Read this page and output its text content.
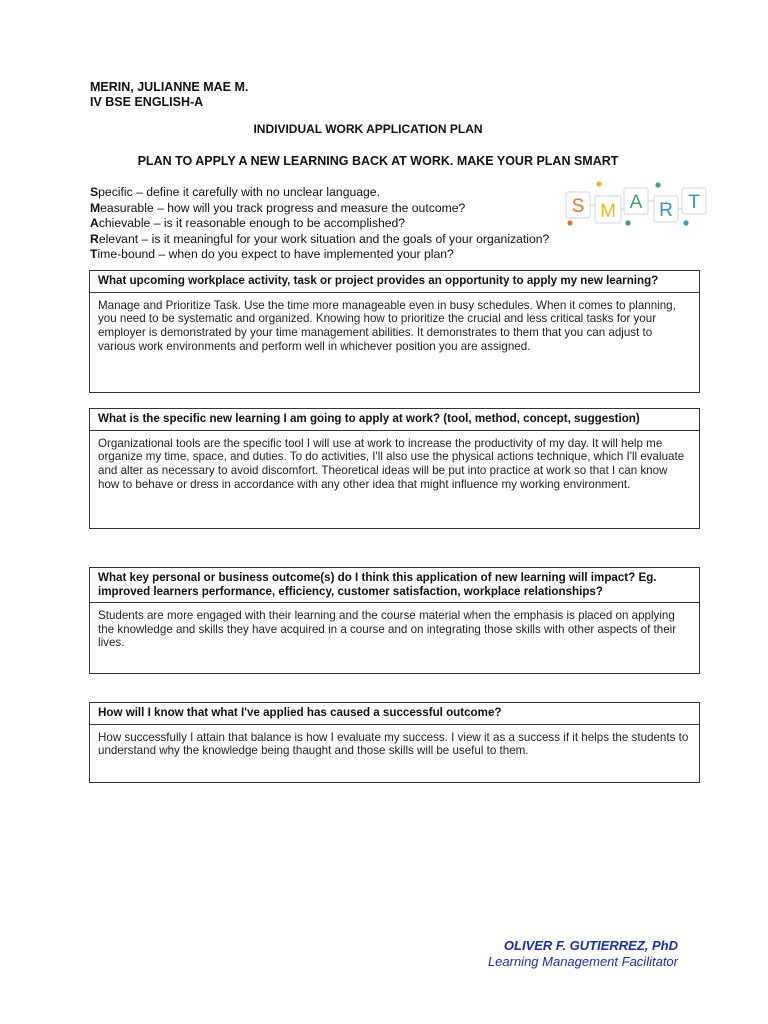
MERIN, JULIANNE MAE M.
IV BSE ENGLISH-A
INDIVIDUAL WORK APPLICATION PLAN
PLAN TO APPLY A NEW LEARNING BACK AT WORK. MAKE YOUR PLAN SMART
Specific – define it carefully with no unclear language.
Measurable – how will you track progress and measure the outcome?
Achievable – is it reasonable enough to be accomplished?
Relevant – is it meaningful for your work situation and the goals of your organization?
Time-bound – when do you expect to have implemented your plan?
S M A R T
What upcoming workplace activity, task or project provides an opportunity to apply my new learning?
Manage and Prioritize Task. Use the time more manageable even in busy schedules. When it comes to planning, you need to be systematic and organized. Knowing how to prioritize the crucial and less critical tasks for your employer is demonstrated by your time management abilities. It demonstrates to them that you can adjust to various work environments and perform well in whichever position you are assigned.
What is the specific new learning I am going to apply at work? (tool, method, concept, suggestion)
Organizational tools are the specific tool I will use at work to increase the productivity of my day. It will help me organize my time, space, and duties. To do activities, I'll also use the physical actions technique, which I'll evaluate and alter as necessary to avoid discomfort. Theoretical ideas will be put into practice at work so that I can know how to behave or dress in accordance with any other idea that might influence my working environment.
What key personal or business outcome(s) do I think this application of new learning will impact? Eg. improved learners performance, efficiency, customer satisfaction, workplace relationships?
Students are more engaged with their learning and the course material when the emphasis is placed on applying the knowledge and skills they have acquired in a course and on integrating those skills with other aspects of their lives.
How will I know that what I've applied has caused a successful outcome?
How successfully I attain that balance is how I evaluate my success. I view it as a success if it helps the students to understand why the knowledge being thaught and those skills will be useful to them.
OLIVER F. GUTIERREZ, PhD
Learning Management Facilitator
